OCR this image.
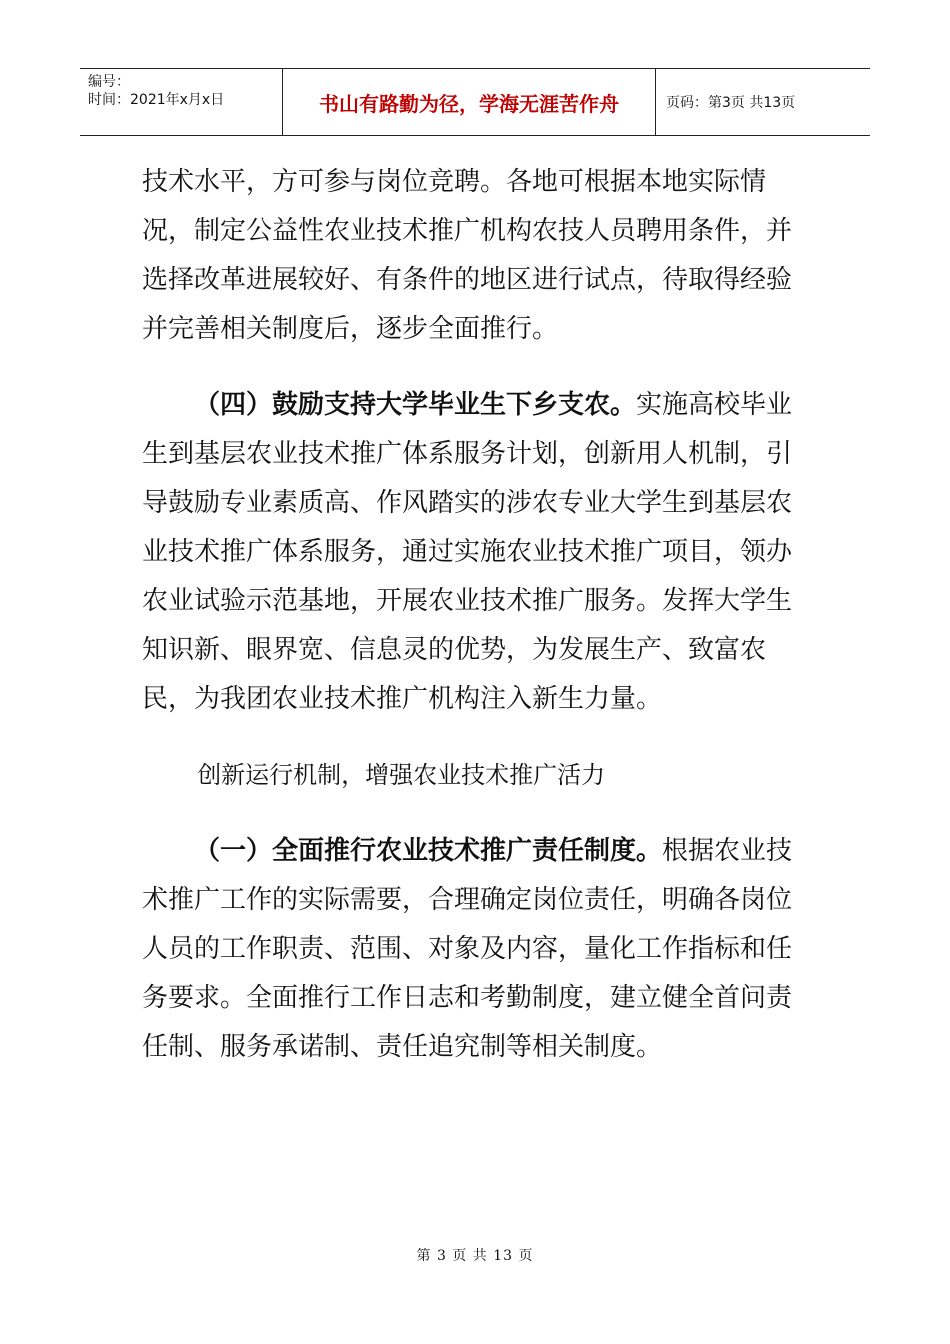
编号：
时间：2021年x月x日	书山有路勤为径，学海无涯苦作舟	页码：第3页 共13页

技术水平，方可参与岗位竞聘。各地可根据本地实际情况，制定公益性农业技术推广机构农技人员聘用条件，并选择改革进展较好、有条件的地区进行试点，待取得经验并完善相关制度后，逐步全面推行。

（四）鼓励支持大学毕业生下乡支农。实施高校毕业生到基层农业技术推广体系服务计划，创新用人机制，引导鼓励专业素质高、作风踏实的涉农专业大学生到基层农业技术推广体系服务，通过实施农业技术推广项目，领办农业试验示范基地，开展农业技术推广服务。发挥大学生知识新、眼界宽、信息灵的优势，为发展生产、致富农民，为我团农业技术推广机构注入新生力量。

创新运行机制，增强农业技术推广活力

（一）全面推行农业技术推广责任制度。根据农业技术推广工作的实际需要，合理确定岗位责任，明确各岗位人员的工作职责、范围、对象及内容，量化工作指标和任务要求。全面推行工作日志和考勤制度，建立健全首问责任制、服务承诺制、责任追究制等相关制度。

第 3 页 共 13 页
